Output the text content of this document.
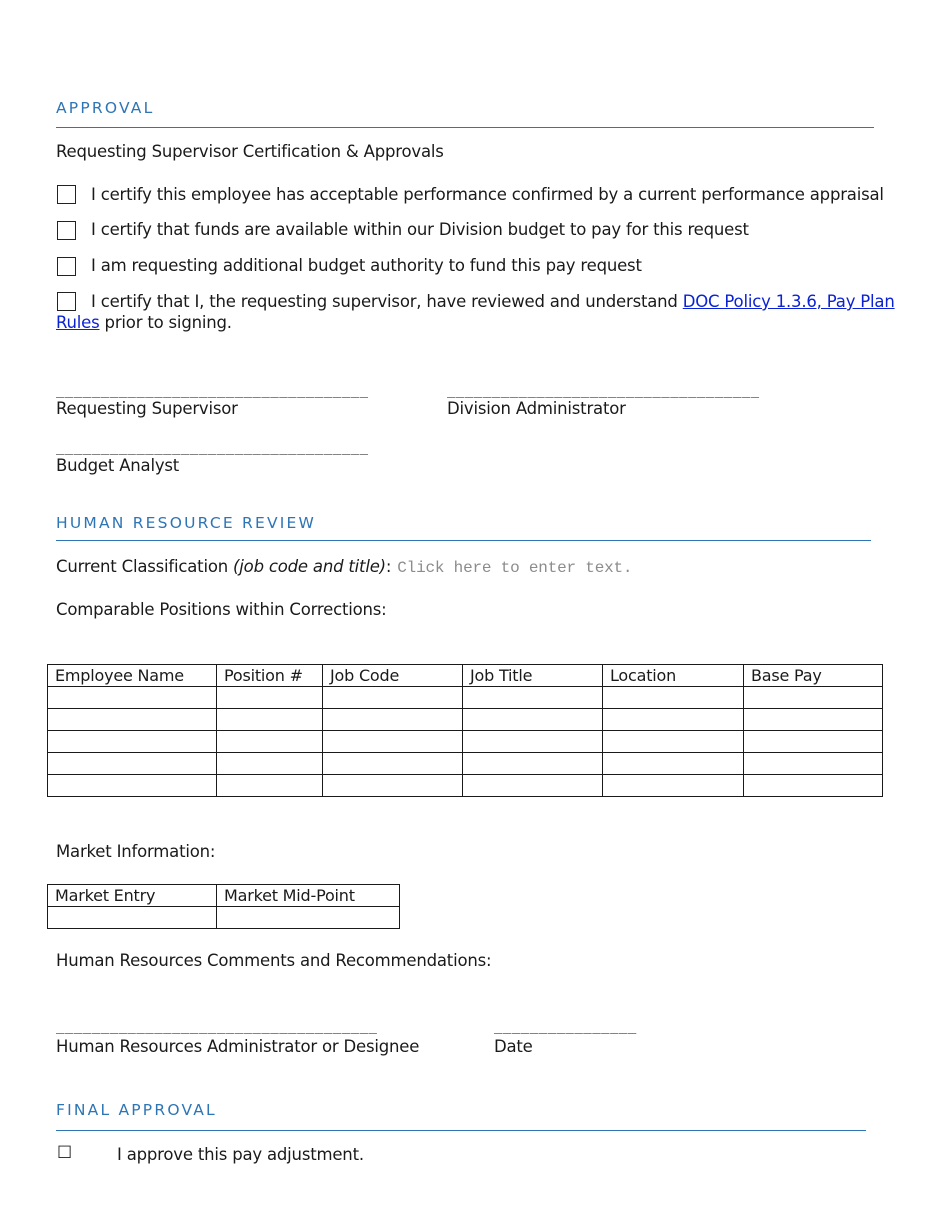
APPROVAL
Requesting Supervisor Certification & Approvals
I certify this employee has acceptable performance confirmed by a current performance appraisal
I certify that funds are available within our Division budget to pay for this request
I am requesting additional budget authority to fund this pay request
I certify that I, the requesting supervisor, have reviewed and understand DOC Policy 1.3.6, Pay Plan
Rules prior to signing.
___________________________________
Requesting Supervisor
___________________________________
Division Administrator
___________________________________
Budget Analyst
HUMAN RESOURCE REVIEW
Current Classification (job code and title): Click here to enter text.
Comparable Positions within Corrections:
Employee Name	Position #	Job Code	Job Title	Location	Base Pay

Market Information:
Market Entry	Market Mid-Point

Human Resources Comments and Recommendations:
____________________________________
Human Resources Administrator or Designee
________________
Date
FINAL APPROVAL
☐	I approve this pay adjustment.
